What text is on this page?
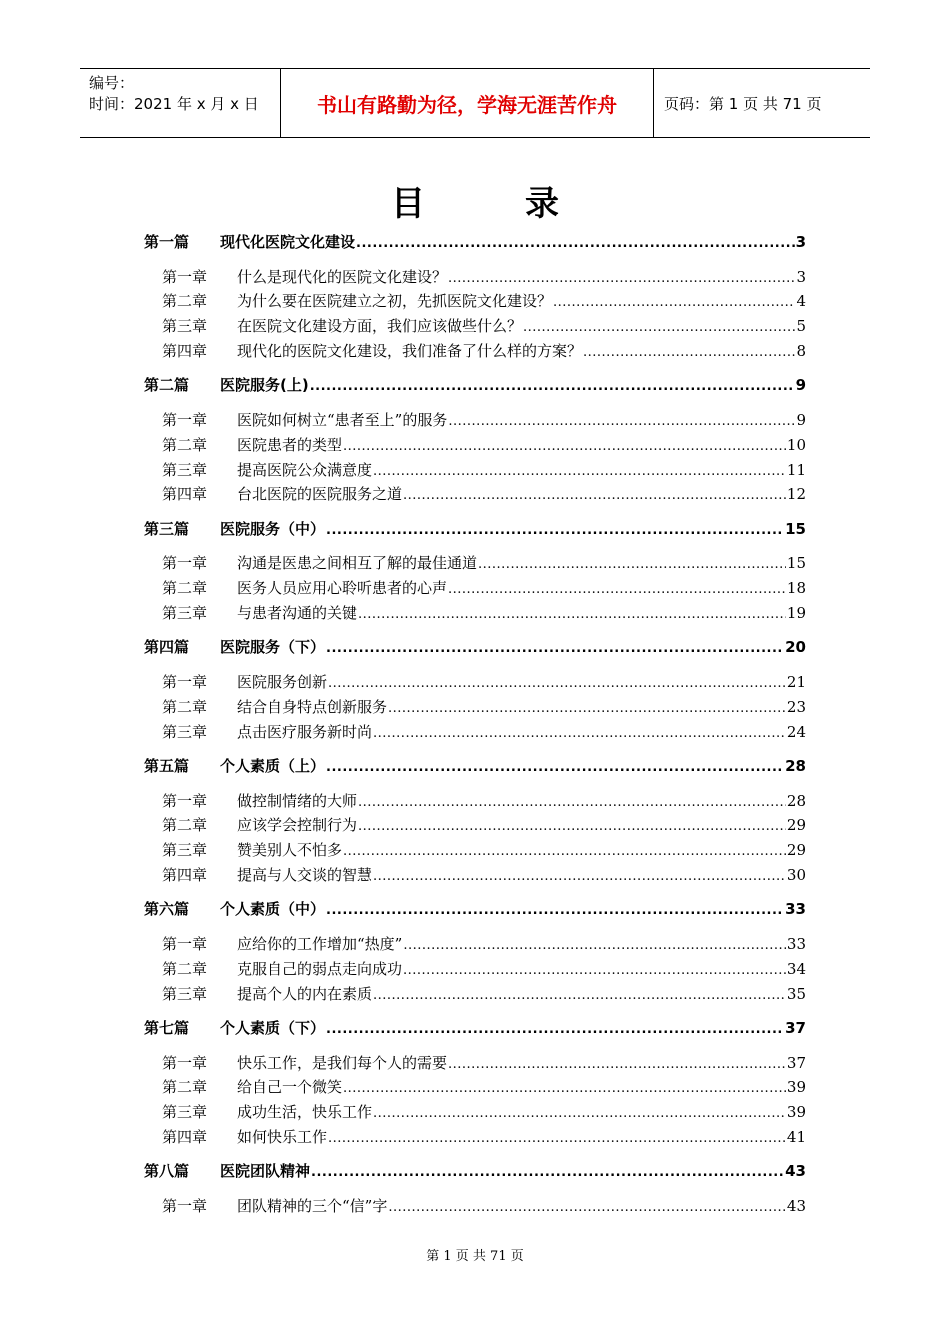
编号：
时间：2021 年 x 月 x 日	书山有路勤为径，学海无涯苦作舟	页码：第 1 页 共 71 页
目录
第一篇	现代化医院文化建设 .....	3
第一章	什么是现代化的医院文化建设？ .....	3
第二章	为什么要在医院建立之初，先抓医院文化建设？ .....	4
第三章	在医院文化建设方面，我们应该做些什么？ .....	5
第四章	现代化的医院文化建设，我们准备了什么样的方案？ .....	8
第二篇	医院服务(上) .....	9
第一章	医院如何树立“患者至上”的服务 .....	9
第二章	医院患者的类型 .....	10
第三章	提高医院公众满意度 .....	11
第四章	台北医院的医院服务之道 .....	12
第三篇	医院服务（中） .....	15
第一章	沟通是医患之间相互了解的最佳通道 .....	15
第二章	医务人员应用心聆听患者的心声 .....	18
第三章	与患者沟通的关键 .....	19
第四篇	医院服务（下） .....	20
第一章	医院服务创新 .....	21
第二章	结合自身特点创新服务 .....	23
第三章	点击医疗服务新时尚 .....	24
第五篇	个人素质（上） .....	28
第一章	做控制情绪的大师 .....	28
第二章	应该学会控制行为 .....	29
第三章	赞美别人不怕多 .....	29
第四章	提高与人交谈的智慧 .....	30
第六篇	个人素质（中） .....	33
第一章	应给你的工作增加“热度” .....	33
第二章	克服自己的弱点走向成功 .....	34
第三章	提高个人的内在素质 .....	35
第七篇	个人素质（下） .....	37
第一章	快乐工作，是我们每个人的需要 .....	37
第二章	给自己一个微笑 .....	39
第三章	成功生活，快乐工作 .....	39
第四章	如何快乐工作 .....	41
第八篇	医院团队精神 .....	43
第一章	团队精神的三个“信”字 .....	43
第 1 页 共 71 页
